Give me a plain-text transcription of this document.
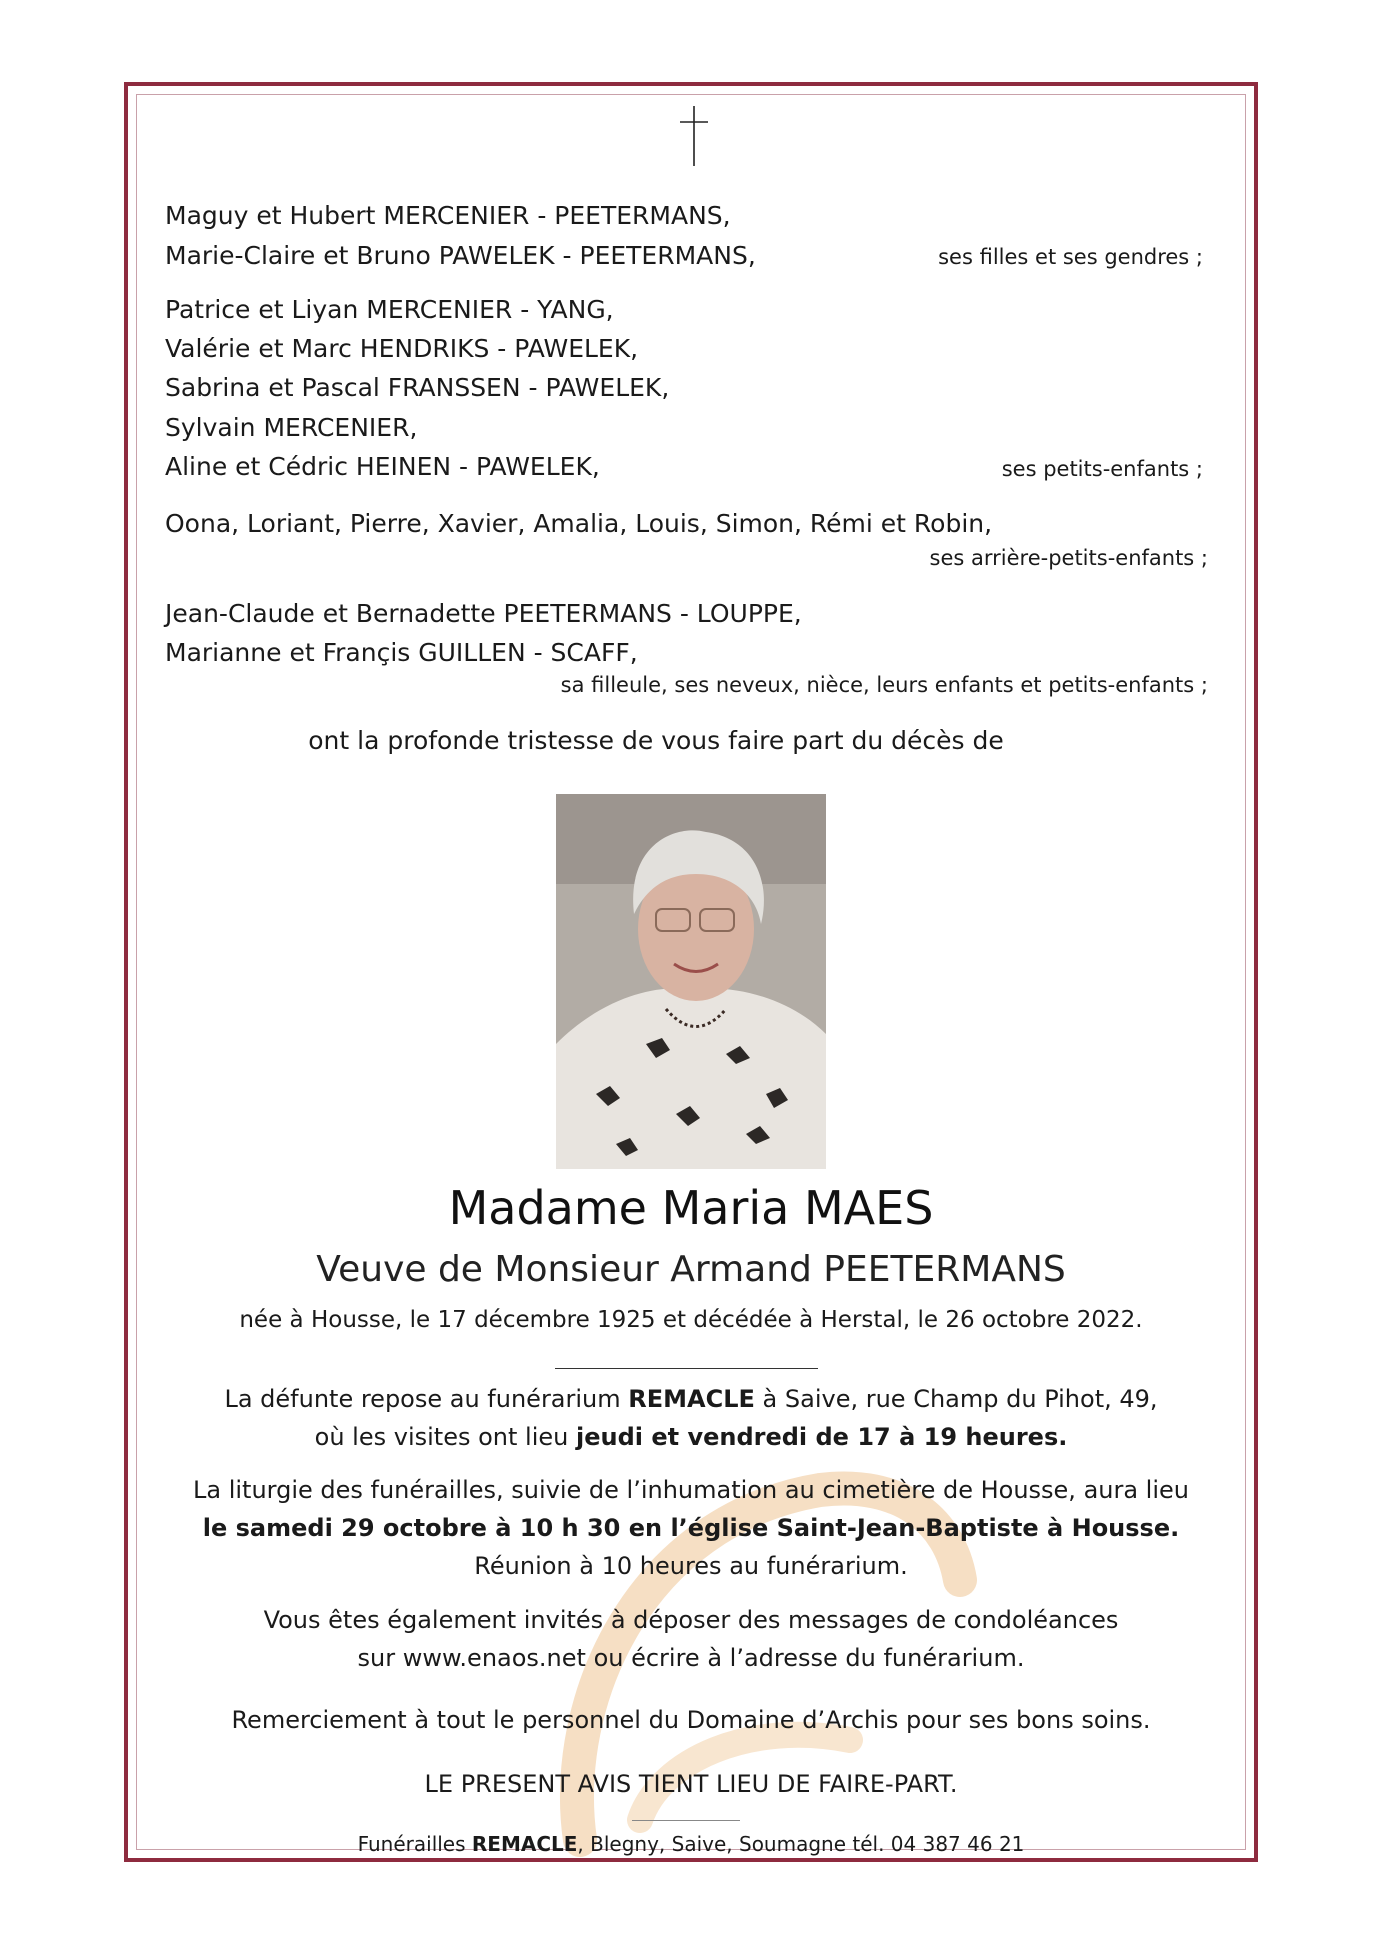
Maguy et Hubert MERCENIER - PEETERMANS,
Marie-Claire et Bruno PAWELEK - PEETERMANS,	ses filles et ses gendres ;
Patrice et Liyan MERCENIER - YANG,
Valérie et Marc HENDRIKS - PAWELEK,
Sabrina et Pascal FRANSSEN - PAWELEK,
Sylvain MERCENIER,
Aline et Cédric HEINEN - PAWELEK,	ses petits-enfants ;
Oona, Loriant, Pierre, Xavier, Amalia, Louis, Simon, Rémi et Robin,
ses arrière-petits-enfants ;
Jean-Claude et Bernadette PEETERMANS - LOUPPE,
Marianne et Françis GUILLEN - SCAFF,
sa filleule, ses neveux, nièce, leurs enfants et petits-enfants ;
ont la profonde tristesse de vous faire part du décès de
Madame Maria MAES
Veuve de Monsieur Armand PEETERMANS
née à Housse, le 17 décembre 1925 et décédée à Herstal, le 26 octobre 2022.
La défunte repose au funérarium REMACLE à Saive, rue Champ du Pihot, 49,
où les visites ont lieu jeudi et vendredi de 17 à 19 heures.
La liturgie des funérailles, suivie de l’inhumation au cimetière de Housse, aura lieu
le samedi 29 octobre à 10 h 30 en l’église Saint-Jean-Baptiste à Housse.
Réunion à 10 heures au funérarium.
Vous êtes également invités à déposer des messages de condoléances
sur www.enaos.net ou écrire à l’adresse du funérarium.
Remerciement à tout le personnel du Domaine d’Archis pour ses bons soins.
LE PRESENT AVIS TIENT LIEU DE FAIRE-PART.
Funérailles REMACLE, Blegny, Saive, Soumagne tél. 04 387 46 21
